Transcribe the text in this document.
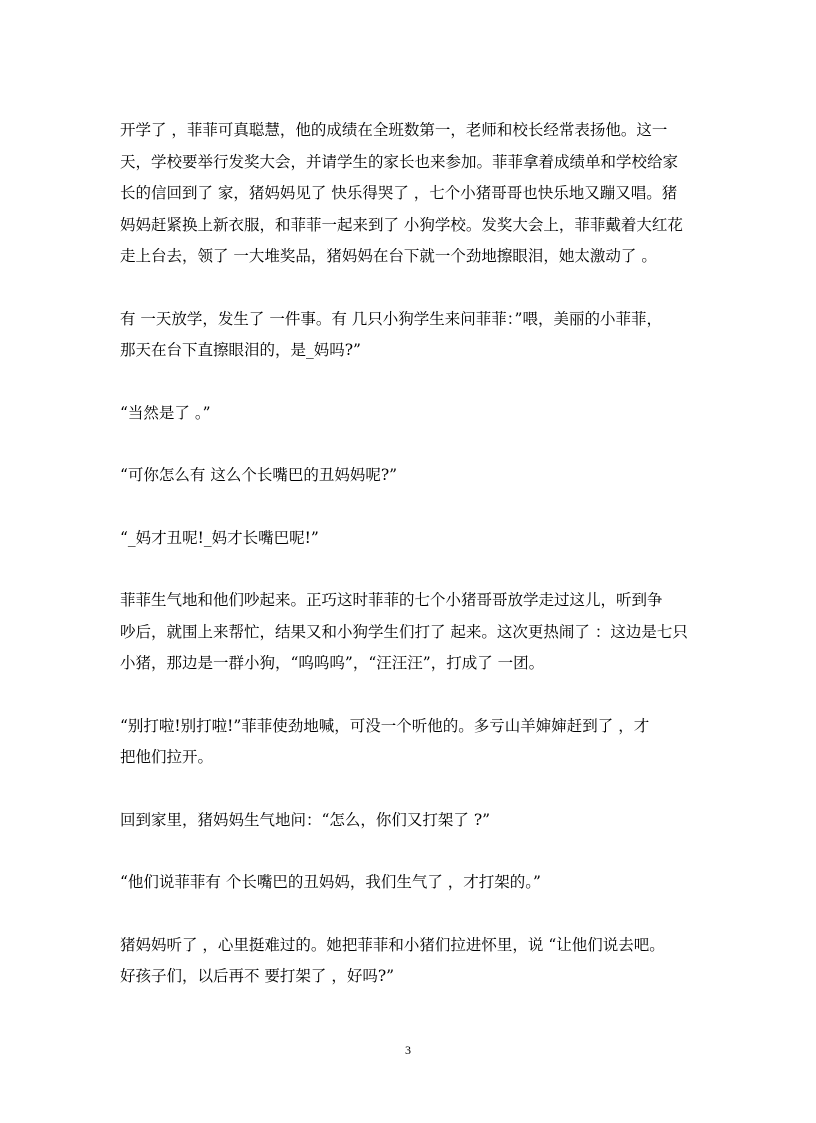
开学了 ，菲菲可真聪慧，他的成绩在全班数第一，老师和校长经常表扬他。这一
天，学校要举行发奖大会，并请学生的家长也来参加。菲菲拿着成绩单和学校给家
长的信回到了 家，猪妈妈见了 快乐得哭了 ，七个小猪哥哥也快乐地又蹦又唱。猪
妈妈赶紧换上新衣服，和菲菲一起来到了 小狗学校。发奖大会上，菲菲戴着大红花
走上台去，领了 一大堆奖品，猪妈妈在台下就一个劲地擦眼泪，她太激动了 。

有 一天放学，发生了 一件事。有 几只小狗学生来问菲菲：”喂，美丽的小菲菲，
那天在台下直擦眼泪的，是_妈吗?”

“当然是了 。”

“可你怎么有 这么个长嘴巴的丑妈妈呢?”

“_妈才丑呢!_妈才长嘴巴呢!”

菲菲生气地和他们吵起来。正巧这时菲菲的七个小猪哥哥放学走过这儿，听到争
吵后，就围上来帮忙，结果又和小狗学生们打了 起来。这次更热闹了 ：这边是七只
小猪，那边是一群小狗，“呜呜呜”，“汪汪汪”，打成了 一团。

“别打啦!别打啦!”菲菲使劲地喊，可没一个听他的。多亏山羊婶婶赶到了 ，才
把他们拉开。

回到家里，猪妈妈生气地问：“怎么，你们又打架了 ?”

“他们说菲菲有 个长嘴巴的丑妈妈，我们生气了 ，才打架的。”

猪妈妈听了 ，心里挺难过的。她把菲菲和小猪们拉进怀里，说 “让他们说去吧。
好孩子们，以后再不 要打架了 ，好吗?”

3
